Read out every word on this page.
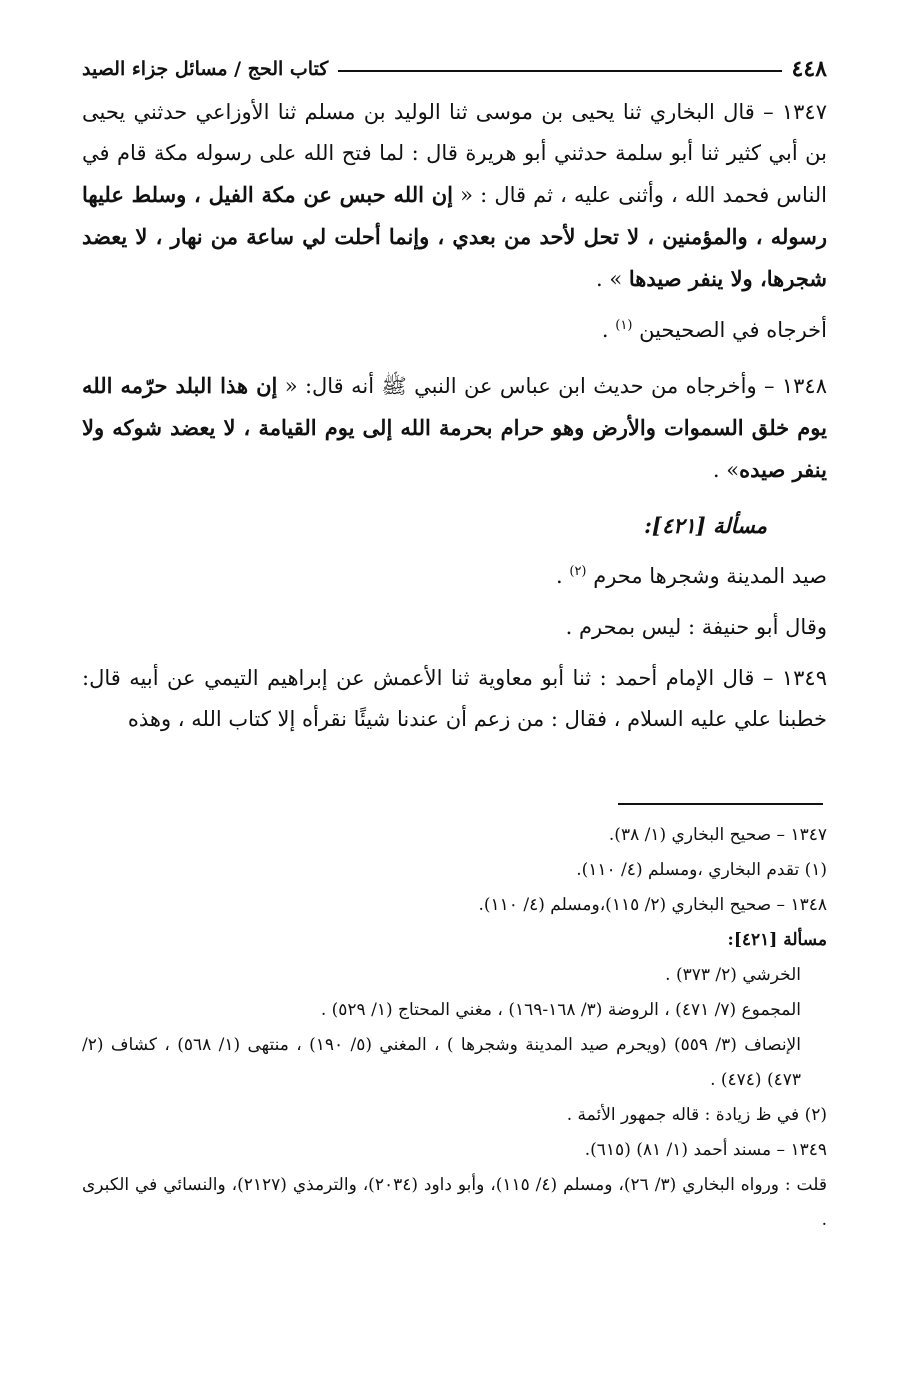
٤٤٨
كتاب الحج / مسائل جزاء الصيد

١٣٤٧ – قال البخاري ثنا يحيى بن موسى ثنا الوليد بن مسلم ثنا الأوزاعي حدثني يحيى بن أبي كثير ثنا أبو سلمة حدثني أبو هريرة قال : لما فتح الله على رسوله مكة قام في الناس فحمد الله ، وأثنى عليه ، ثم قال : « إن الله حبس عن مكة الفيل ، وسلط عليها رسوله ، والمؤمنين ، لا تحل لأحد من بعدي ، وإنما أحلت لي ساعة من نهار ، لا يعضد شجرها، ولا ينفر صيدها » .

أخرجاه في الصحيحين $^{(١)}$ .

١٣٤٨ – وأخرجاه من حديث ابن عباس عن النبي ﷺ أنه قال: « إن هذا البلد حرّمه الله يوم خلق السموات والأرض وهو حرام بحرمة الله إلى يوم القيامة ، لا يعضد شوكه ولا ينفر صيده» .

مسألة [٤٢١]:

صيد المدينة وشجرها محرم $^{(٢)}$ .

وقال أبو حنيفة : ليس بمحرم .

١٣٤٩ – قال الإمام أحمد : ثنا أبو معاوية ثنا الأعمش عن إبراهيم التيمي عن أبيه قال: خطبنا علي عليه السلام ، فقال : من زعم أن عندنا شيئًا نقرأه إلا كتاب الله ، وهذه

١٣٤٧ – صحيح البخاري (١/ ٣٨).

(١) تقدم البخاري ،ومسلم (٤/ ١١٠).

١٣٤٨ – صحيح البخاري (٢/ ١١٥)،ومسلم (٤/ ١١٠).

مسألة [٤٢١]:

الخرشي (٢/ ٣٧٣) .

المجموع (٧/ ٤٧١) ، الروضة (٣/ ١٦٨-١٦٩) ، مغني المحتاج (١/ ٥٢٩) .

الإنصاف (٣/ ٥٥٩) (ويحرم صيد المدينة وشجرها ) ، المغني (٥/ ١٩٠) ، منتهى (١/ ٥٦٨) ، كشاف (٢/ ٤٧٣) (٤٧٤) .

(٢) في ظ زيادة : قاله جمهور الأئمة .

١٣٤٩ – مسند أحمد (١/ ٨١) (٦١٥).

قلت : ورواه البخاري (٣/ ٢٦)، ومسلم (٤/ ١١٥)، وأبو داود (٢٠٣٤)، والترمذي (٢١٢٧)، والنسائي في الكبرى .
